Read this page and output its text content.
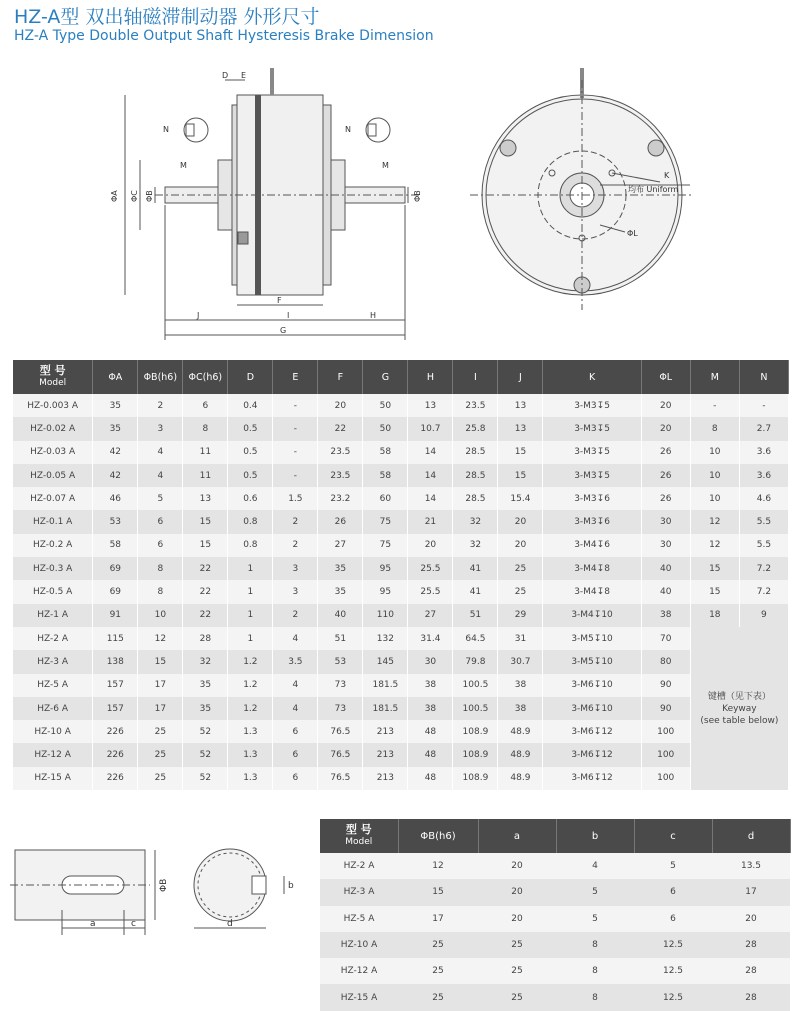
HZ-A型 双出轴磁滞制动器 外形尺寸
HZ-A Type Double Output Shaft Hysteresis Brake Dimension
D E
N	N
M	M
ΦA ΦC ΦB	ΦB
F
J	I	H
G
K
均布 Uniform
ΦL
型 号
Model	ΦA	ΦB(h6)	ΦC(h6)	D	E	F	G	H	I	J	K	ΦL	M	N
HZ-0.003 A	35	2	6	0.4	-	20	50	13	23.5	13	3-M3↧5	20	-	-
HZ-0.02 A	35	3	8	0.5	-	22	50	10.7	25.8	13	3-M3↧5	20	8	2.7
HZ-0.03 A	42	4	11	0.5	-	23.5	58	14	28.5	15	3-M3↧5	26	10	3.6
HZ-0.05 A	42	4	11	0.5	-	23.5	58	14	28.5	15	3-M3↧5	26	10	3.6
HZ-0.07 A	46	5	13	0.6	1.5	23.2	60	14	28.5	15.4	3-M3↧6	26	10	4.6
HZ-0.1 A	53	6	15	0.8	2	26	75	21	32	20	3-M3↧6	30	12	5.5
HZ-0.2 A	58	6	15	0.8	2	27	75	20	32	20	3-M4↧6	30	12	5.5
HZ-0.3 A	69	8	22	1	3	35	95	25.5	41	25	3-M4↧8	40	15	7.2
HZ-0.5 A	69	8	22	1	3	35	95	25.5	41	25	3-M4↧8	40	15	7.2
HZ-1 A	91	10	22	1	2	40	110	27	51	29	3-M4↧10	38	18	9
HZ-2 A	115	12	28	1	4	51	132	31.4	64.5	31	3-M5↧10	70	键槽（见下表）
Keyway
(see table below)	
HZ-3 A	138	15	32	1.2	3.5	53	145	30	79.8	30.7	3-M5↧10	80		
HZ-5 A	157	17	35	1.2	4	73	181.5	38	100.5	38	3-M6↧10	90		
HZ-6 A	157	17	35	1.2	4	73	181.5	38	100.5	38	3-M6↧10	90		
HZ-10 A	226	25	52	1.3	6	76.5	213	48	108.9	48.9	3-M6↧12	100		
HZ-12 A	226	25	52	1.3	6	76.5	213	48	108.9	48.9	3-M6↧12	100		
HZ-15 A	226	25	52	1.3	6	76.5	213	48	108.9	48.9	3-M6↧12	100		
a	c	d
b
ΦB
型 号
Model	ΦB(h6)	a	b	c	d
HZ-2 A	12	20	4	5	13.5
HZ-3 A	15	20	5	6	17
HZ-5 A	17	20	5	6	20
HZ-10 A	25	25	8	12.5	28
HZ-12 A	25	25	8	12.5	28
HZ-15 A	25	25	8	12.5	28
